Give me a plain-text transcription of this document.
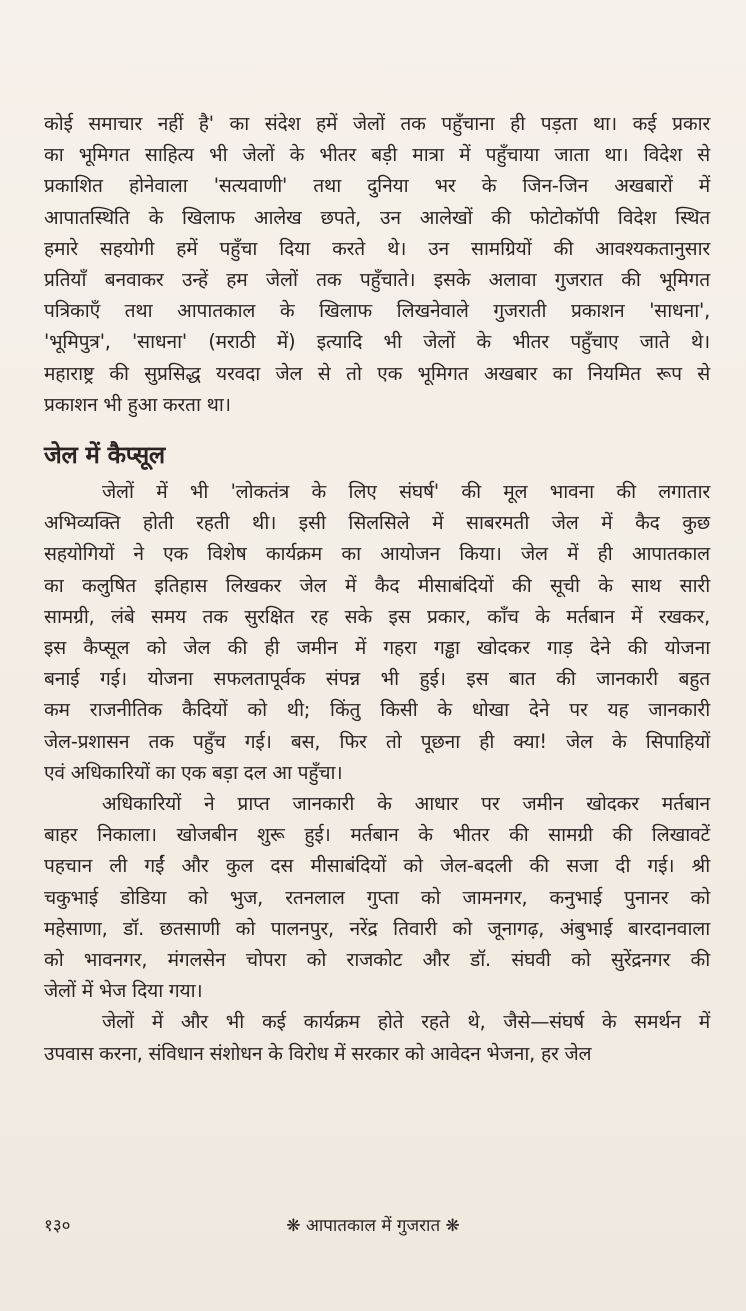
कोई समाचार नहीं है' का संदेश हमें जेलों तक पहुँचाना ही पड़ता था। कई प्रकार
का भूमिगत साहित्य भी जेलों के भीतर बड़ी मात्रा में पहुँचाया जाता था। विदेश से
प्रकाशित होनेवाला 'सत्यवाणी' तथा दुनिया भर के जिन-जिन अखबारों में
आपातस्थिति के खिलाफ आलेख छपते, उन आलेखों की फोटोकॉपी विदेश स्थित
हमारे सहयोगी हमें पहुँचा दिया करते थे। उन सामग्रियों की आवश्यकतानुसार
प्रतियाँ बनवाकर उन्हें हम जेलों तक पहुँचाते। इसके अलावा गुजरात की भूमिगत
पत्रिकाएँ तथा आपातकाल के खिलाफ लिखनेवाले गुजराती प्रकाशन 'साधना',
'भूमिपुत्र', 'साधना' (मराठी में) इत्यादि भी जेलों के भीतर पहुँचाए जाते थे।
महाराष्ट्र की सुप्रसिद्ध यरवदा जेल से तो एक भूमिगत अखबार का नियमित रूप से
प्रकाशन भी हुआ करता था।

जेल में कैप्सूल

जेलों में भी 'लोकतंत्र के लिए संघर्ष' की मूल भावना की लगातार
अभिव्यक्ति होती रहती थी। इसी सिलसिले में साबरमती जेल में कैद कुछ
सहयोगियों ने एक विशेष कार्यक्रम का आयोजन किया। जेल में ही आपातकाल
का कलुषित इतिहास लिखकर जेल में कैद मीसाबंदियों की सूची के साथ सारी
सामग्री, लंबे समय तक सुरक्षित रह सके इस प्रकार, काँच के मर्तबान में रखकर,
इस कैप्सूल को जेल की ही जमीन में गहरा गड्ढा खोदकर गाड़ देने की योजना
बनाई गई। योजना सफलतापूर्वक संपन्न भी हुई। इस बात की जानकारी बहुत
कम राजनीतिक कैदियों को थी; किंतु किसी के धोखा देने पर यह जानकारी
जेल-प्रशासन तक पहुँच गई। बस, फिर तो पूछना ही क्या! जेल के सिपाहियों
एवं अधिकारियों का एक बड़ा दल आ पहुँचा।

अधिकारियों ने प्राप्त जानकारी के आधार पर जमीन खोदकर मर्तबान
बाहर निकाला। खोजबीन शुरू हुई। मर्तबान के भीतर की सामग्री की लिखावटें
पहचान ली गईं और कुल दस मीसाबंदियों को जेल-बदली की सजा दी गई। श्री
चकुभाई डोडिया को भुज, रतनलाल गुप्ता को जामनगर, कनुभाई पुनानर को
महेसाणा, डॉ. छतसाणी को पालनपुर, नरेंद्र तिवारी को जूनागढ़, अंबुभाई बारदानवाला
को भावनगर, मंगलसेन चोपरा को राजकोट और डॉ. संघवी को सुरेंद्रनगर की
जेलों में भेज दिया गया।

जेलों में और भी कई कार्यक्रम होते रहते थे, जैसे—संघर्ष के समर्थन में
उपवास करना, संविधान संशोधन के विरोध में सरकार को आवेदन भेजना, हर जेल

१३०	❋ आपातकाल में गुजरात ❋
